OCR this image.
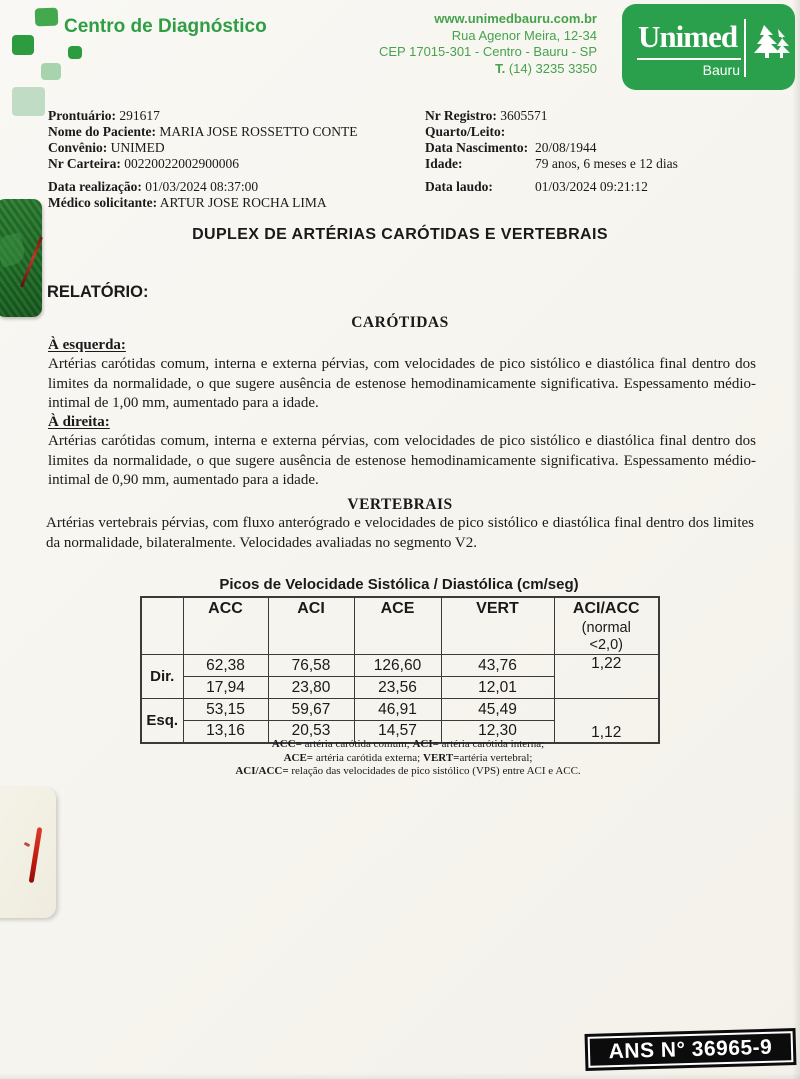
Centro de Diagnóstico	www.unimedbauru.com.br
Rua Agenor Meira, 12-34
CEP 17015-301 - Centro - Bauru - SP
T. (14) 3235 3350
Unimed
Bauru
Prontuário: 291617
Nome do Paciente: MARIA JOSE ROSSETTO CONTE
Convênio: UNIMED
Nr Carteira: 00220022002900006
Data realização: 01/03/2024 08:37:00
Médico solicitante: ARTUR JOSE ROCHA LIMA
Nr Registro: 3605571
Quarto/Leito:
Data Nascimento: 20/08/1944
Idade:	79 anos, 6 meses e 12 dias
Data laudo:	01/03/2024 09:21:12
DUPLEX DE ARTÉRIAS CARÓTIDAS E VERTEBRAIS
RELATÓRIO:
CARÓTIDAS
À esquerda:
Artérias carótidas comum, interna e externa pérvias, com velocidades de pico sistólico e diastólica final dentro dos limites da normalidade, o que sugere ausência de estenose hemodinamicamente significativa. Espessamento médio-intimal de 1,00 mm, aumentado para a idade.
À direita:
Artérias carótidas comum, interna e externa pérvias, com velocidades de pico sistólico e diastólica final dentro dos limites da normalidade, o que sugere ausência de estenose hemodinamicamente significativa. Espessamento médio-intimal de 0,90 mm, aumentado para a idade.
VERTEBRAIS
Artérias vertebrais pérvias, com fluxo anterógrado e velocidades de pico sistólico e diastólica final dentro dos limites da normalidade, bilateralmente. Velocidades avaliadas no segmento V2.
Picos de Velocidade Sistólica / Diastólica (cm/seg)
	ACC	ACI	ACE	VERT	ACI/ACC
(normal <2,0)

Dir.	62,38	76,58	126,60	43,76	1,22
	17,94	23,80	23,56	12,01	
Esq.	53,15	59,67	46,91	45,49	1,12
	13,16	20,53	14,57	12,30	
ACC= artéria carótida comum; ACI= artéria carótida interna;
ACE= artéria carótida externa; VERT=artéria vertebral;
ACI/ACC= relação das velocidades de pico sistólico (VPS) entre ACI e ACC.
ANS N° 36965-9
